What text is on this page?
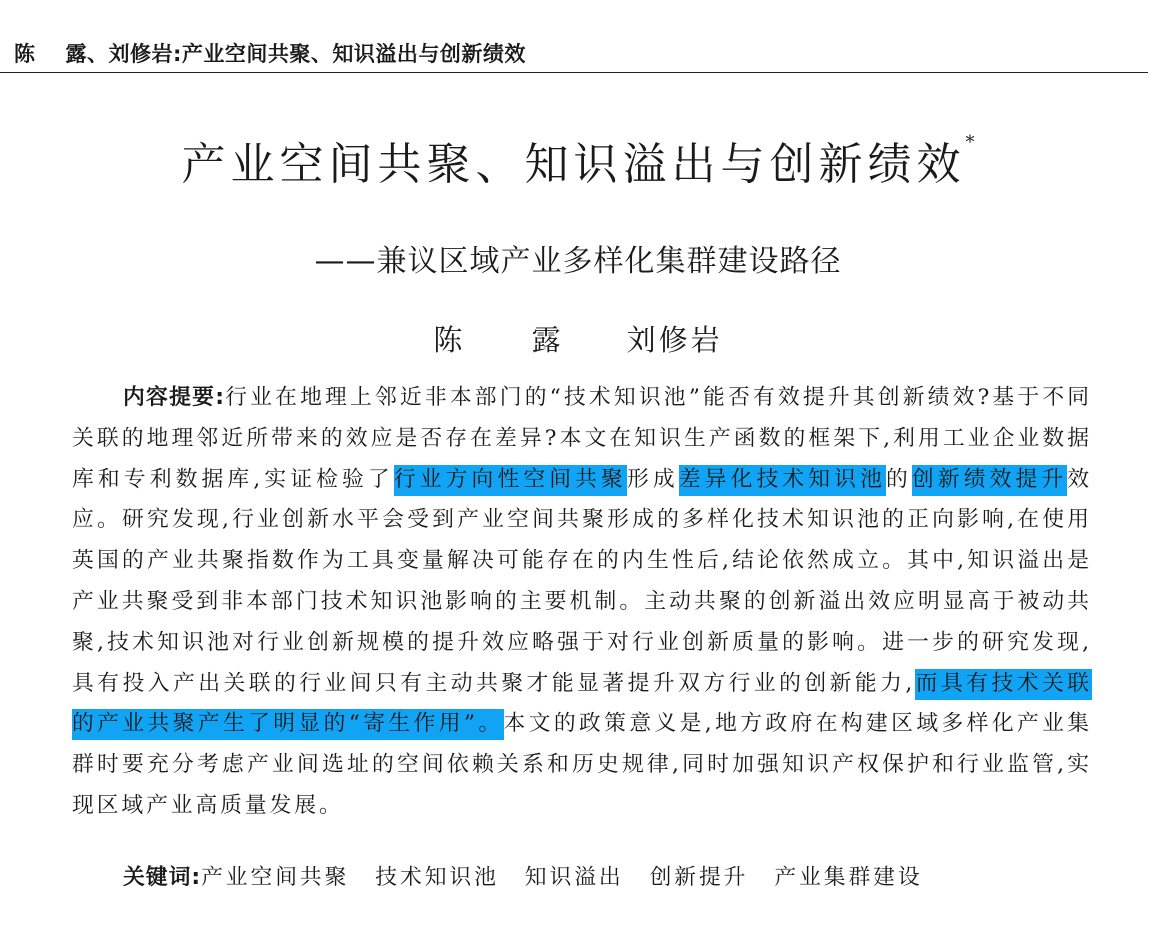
陈 露、刘修岩:产业空间共聚、知识溢出与创新绩效
产业空间共聚、知识溢出与创新绩效*
——兼议区域产业多样化集群建设路径
陈 露 刘修岩

内容提要:行业在地理上邻近非本部门的“技术知识池”能否有效提升其创新绩效?基于不同关联的地理邻近所带来的效应是否存在差异?本文在知识生产函数的框架下,利用工业企业数据库和专利数据库,实证检验了行业方向性空间共聚形成差异化技术知识池的创新绩效提升效应。研究发现,行业创新水平会受到产业空间共聚形成的多样化技术知识池的正向影响,在使用英国的产业共聚指数作为工具变量解决可能存在的内生性后,结论依然成立。其中,知识溢出是产业共聚受到非本部门技术知识池影响的主要机制。主动共聚的创新溢出效应明显高于被动共聚,技术知识池对行业创新规模的提升效应略强于对行业创新质量的影响。进一步的研究发现,具有投入产出关联的行业间只有主动共聚才能显著提升双方行业的创新能力,而具有技术关联的产业共聚产生了明显的“寄生作用”。本文的政策意义是,地方政府在构建区域多样化产业集群时要充分考虑产业间选址的空间依赖关系和历史规律,同时加强知识产权保护和行业监管,实现区域产业高质量发展。

关键词:产业空间共聚 技术知识池 知识溢出 创新提升 产业集群建设
